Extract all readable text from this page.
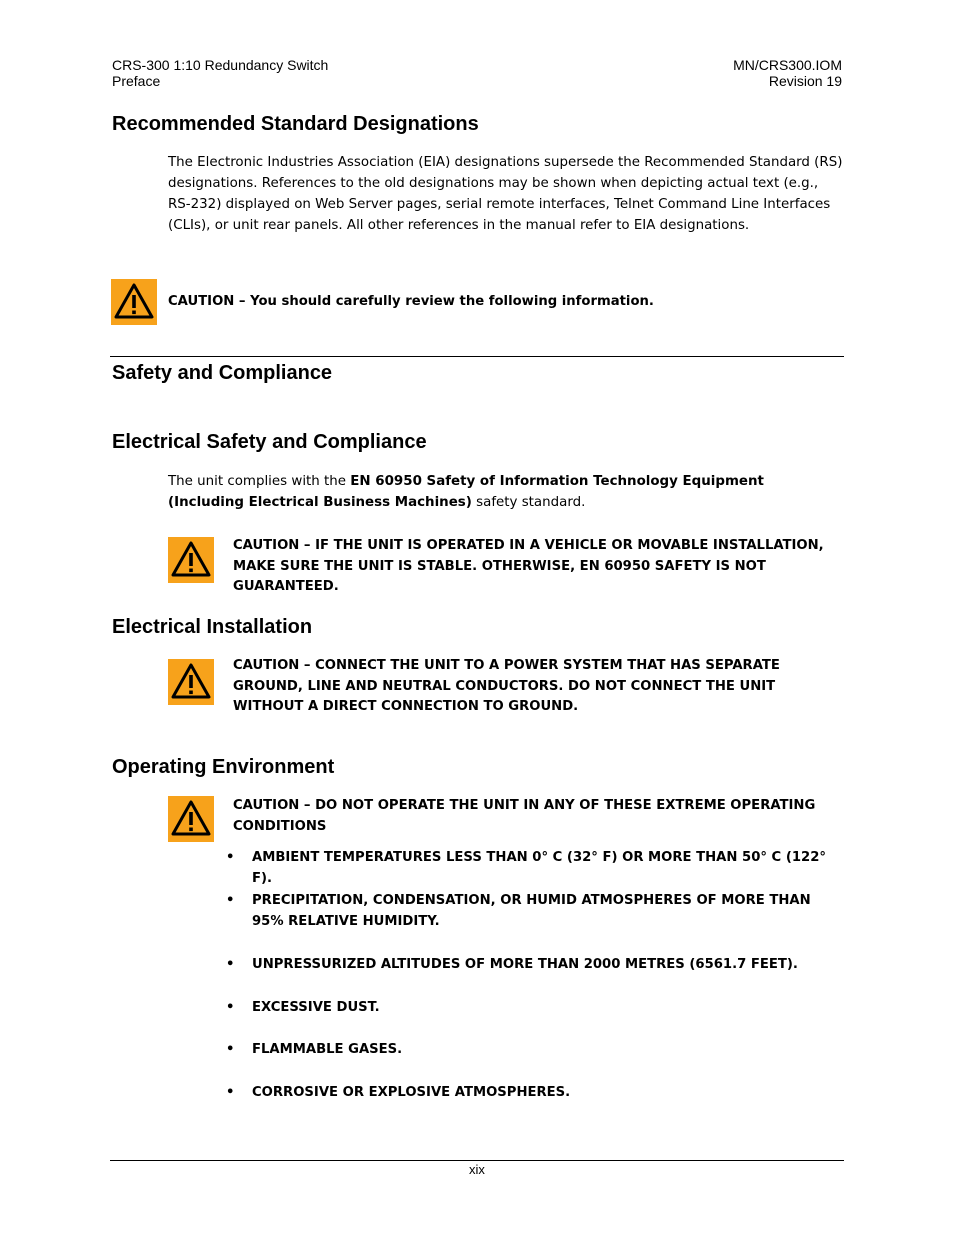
CRS-300 1:10 Redundancy Switch
Preface
MN/CRS300.IOM
Revision 19
Recommended Standard Designations
The Electronic Industries Association (EIA) designations supersede the Recommended Standard (RS) designations. References to the old designations may be shown when depicting actual text (e.g., RS-232) displayed on Web Server pages, serial remote interfaces, Telnet Command Line Interfaces (CLIs), or unit rear panels. All other references in the manual refer to EIA designations.
CAUTION – You should carefully review the following information.
Safety and Compliance
Electrical Safety and Compliance
The unit complies with the EN 60950 Safety of Information Technology Equipment (Including Electrical Business Machines) safety standard.
CAUTION – IF THE UNIT IS OPERATED IN A VEHICLE OR MOVABLE INSTALLATION, MAKE SURE THE UNIT IS STABLE. OTHERWISE, EN 60950 SAFETY IS NOT GUARANTEED.
Electrical Installation
CAUTION – CONNECT THE UNIT TO A POWER SYSTEM THAT HAS SEPARATE GROUND, LINE AND NEUTRAL CONDUCTORS. DO NOT CONNECT THE UNIT WITHOUT A DIRECT CONNECTION TO GROUND.
Operating Environment
CAUTION – DO NOT OPERATE THE UNIT IN ANY OF THESE EXTREME OPERATING CONDITIONS
• AMBIENT TEMPERATURES LESS THAN 0° C (32° F) OR MORE THAN 50° C (122° F).
• PRECIPITATION, CONDENSATION, OR HUMID ATMOSPHERES OF MORE THAN 95% RELATIVE HUMIDITY.
• UNPRESSURIZED ALTITUDES OF MORE THAN 2000 METRES (6561.7 FEET).
• EXCESSIVE DUST.
• FLAMMABLE GASES.
• CORROSIVE OR EXPLOSIVE ATMOSPHERES.
xix
